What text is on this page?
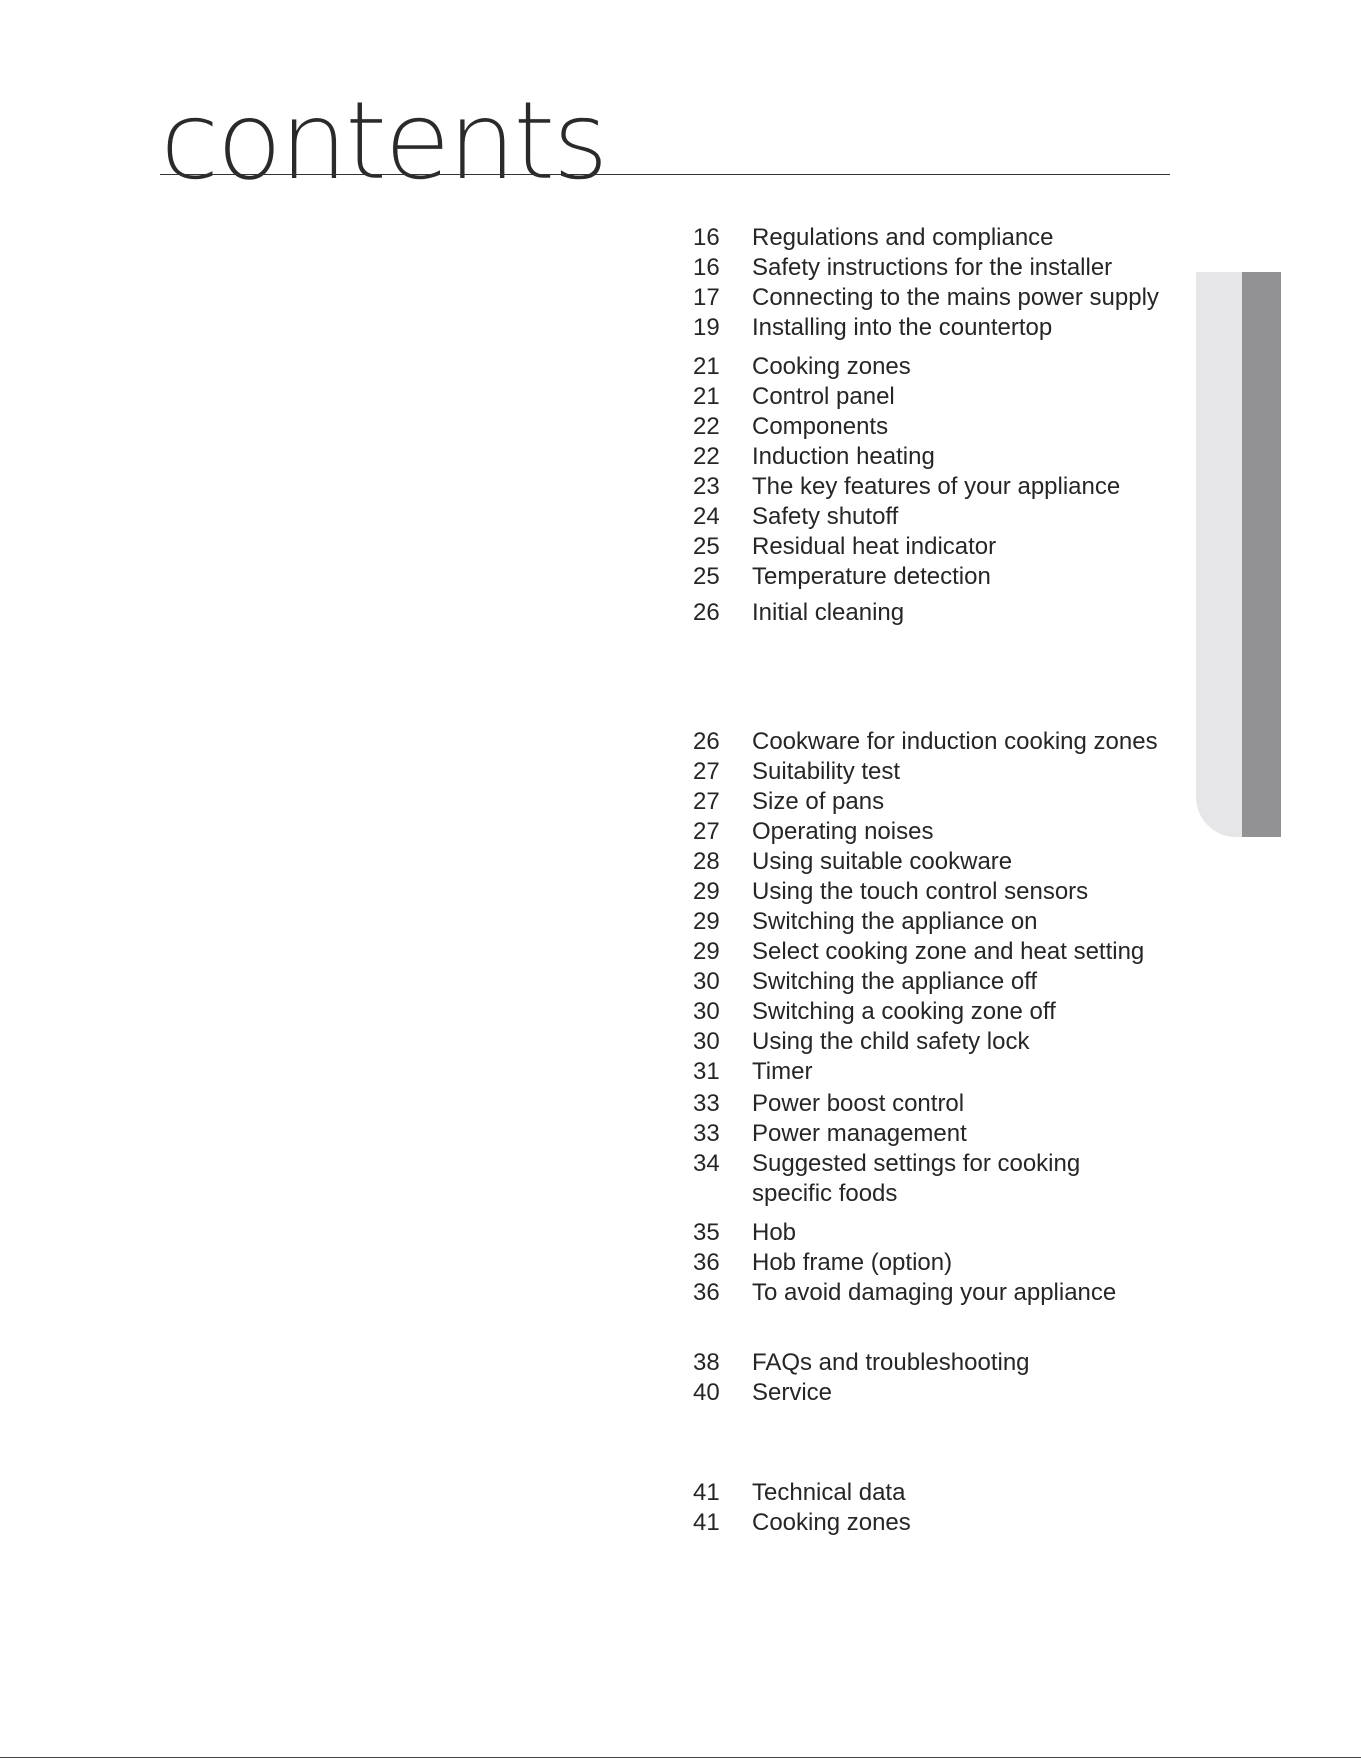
contents
16 Regulations and compliance
16 Safety instructions for the installer
17 Connecting to the mains power supply
19 Installing into the countertop
21 Cooking zones
21 Control panel
22 Components
22 Induction heating
23 The key features of your appliance
24 Safety shutoff
25 Residual heat indicator
25 Temperature detection
26 Initial cleaning
26 Cookware for induction cooking zones
27 Suitability test
27 Size of pans
27 Operating noises
28 Using suitable cookware
29 Using the touch control sensors
29 Switching the appliance on
29 Select cooking zone and heat setting
30 Switching the appliance off
30 Switching a cooking zone off
30 Using the child safety lock
31 Timer
33 Power boost control
33 Power management
34 Suggested settings for cooking specific foods
35 Hob
36 Hob frame (option)
36 To avoid damaging your appliance
38 FAQs and troubleshooting
40 Service
41 Technical data
41 Cooking zones
